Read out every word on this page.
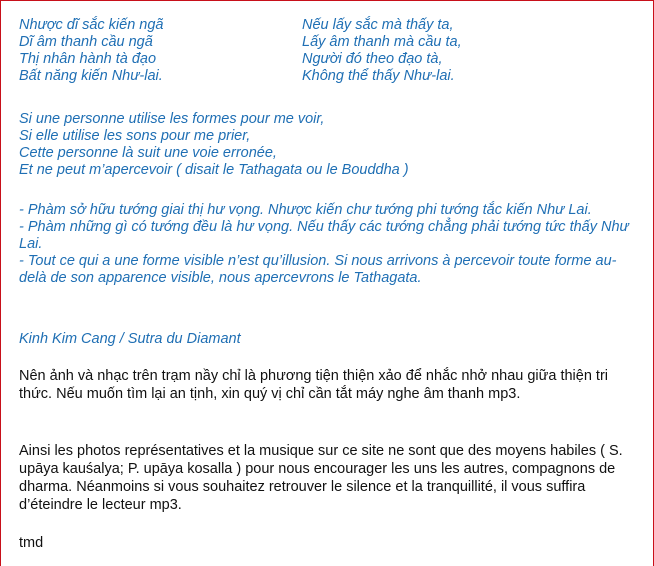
Nhược dĩ sắc kiến ngã
Dĩ âm thanh cầu ngã
Thị nhân hành tà đạo
Bất năng kiến Như-lai.
Nếu lấy sắc mà thấy ta,
Lấy âm thanh mà cầu ta,
Người đó theo đạo tà,
Không thể thấy Như-lai.
Si une personne utilise les formes pour me voir,
Si elle utilise les sons pour me prier,
Cette personne là suit une voie erronée,
Et ne peut m’apercevoir ( disait le Tathagata ou le Bouddha )

- Phàm sở hữu tướng giai thị hư vọng. Nhược kiến chư tướng phi tướng tắc kiến Như Lai.

- Phàm những gì có tướng đều là hư vọng. Nếu thấy các tướng chẳng phải tướng tức thấy Như Lai.

- Tout ce qui a une forme visible n’est qu’illusion. Si nous arrivons à percevoir toute forme au-delà de son apparence visible, nous apercevrons le Tathagata.

Kinh Kim Cang / Sutra du Diamant

Nên ảnh và nhạc trên trạm nầy chỉ là phương tiện thiện xảo để nhắc nhở nhau giữa thiện tri thức. Nếu muốn tìm lại an tịnh, xin quý vị chỉ cần tắt máy nghe âm thanh mp3.

Ainsi les photos représentatives et la musique sur ce site ne sont que des moyens habiles ( S. upāya kauśalya; P. upāya kosalla ) pour nous encourager les uns les autres, compagnons de dharma. Néanmoins si vous souhaitez retrouver le silence et la tranquillité, il vous suffira d’éteindre le lecteur mp3.

tmd
